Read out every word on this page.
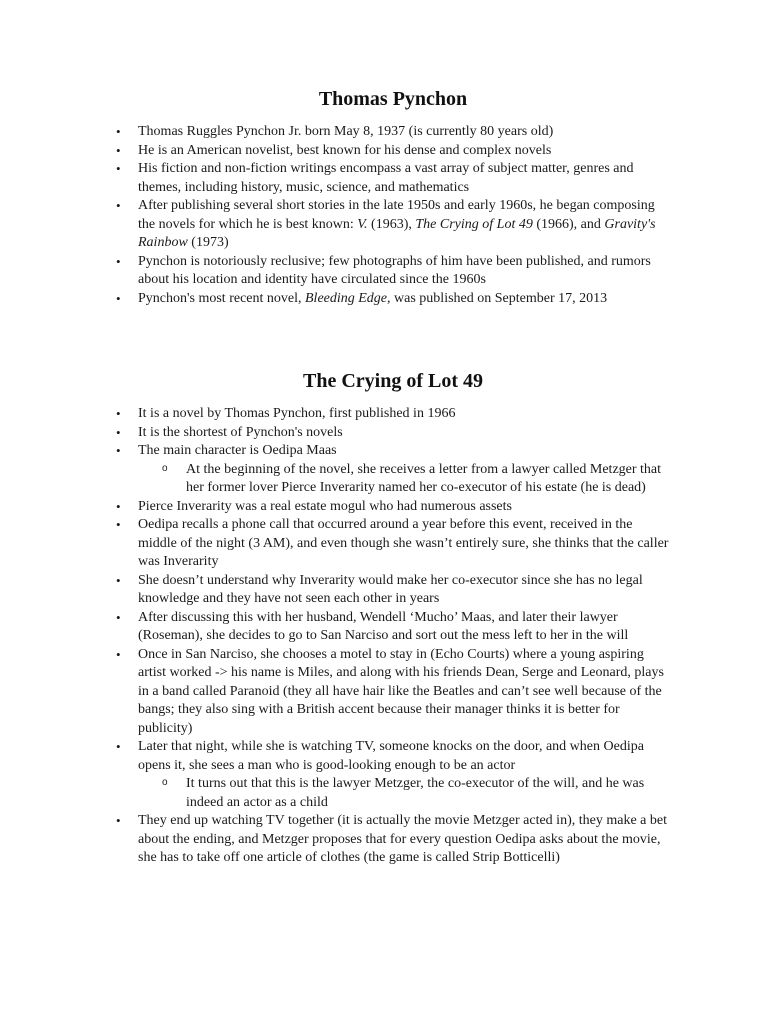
Thomas Pynchon
• Thomas Ruggles Pynchon Jr. born May 8, 1937 (is currently 80 years old)
• He is an American novelist, best known for his dense and complex novels
• His fiction and non-fiction writings encompass a vast array of subject matter, genres and themes, including history, music, science, and mathematics
• After publishing several short stories in the late 1950s and early 1960s, he began composing the novels for which he is best known: V. (1963), The Crying of Lot 49 (1966), and Gravity's Rainbow (1973)
• Pynchon is notoriously reclusive; few photographs of him have been published, and rumors about his location and identity have circulated since the 1960s
• Pynchon's most recent novel, Bleeding Edge, was published on September 17, 2013
The Crying of Lot 49
• It is a novel by Thomas Pynchon, first published in 1966
• It is the shortest of Pynchon's novels
• The main character is Oedipa Maas
o At the beginning of the novel, she receives a letter from a lawyer called Metzger that her former lover Pierce Inverarity named her co-executor of his estate (he is dead)
• Pierce Inverarity was a real estate mogul who had numerous assets
• Oedipa recalls a phone call that occurred around a year before this event, received in the middle of the night (3 AM), and even though she wasn’t entirely sure, she thinks that the caller was Inverarity
• She doesn’t understand why Inverarity would make her co-executor since she has no legal knowledge and they have not seen each other in years
• After discussing this with her husband, Wendell ‘Mucho’ Maas, and later their lawyer (Roseman), she decides to go to San Narciso and sort out the mess left to her in the will
• Once in San Narciso, she chooses a motel to stay in (Echo Courts) where a young aspiring artist worked -> his name is Miles, and along with his friends Dean, Serge and Leonard, plays in a band called Paranoid (they all have hair like the Beatles and can’t see well because of the bangs; they also sing with a British accent because their manager thinks it is better for publicity)
• Later that night, while she is watching TV, someone knocks on the door, and when Oedipa opens it, she sees a man who is good-looking enough to be an actor
o It turns out that this is the lawyer Metzger, the co-executor of the will, and he was indeed an actor as a child
• They end up watching TV together (it is actually the movie Metzger acted in), they make a bet about the ending, and Metzger proposes that for every question Oedipa asks about the movie, she has to take off one article of clothes (the game is called Strip Botticelli)
